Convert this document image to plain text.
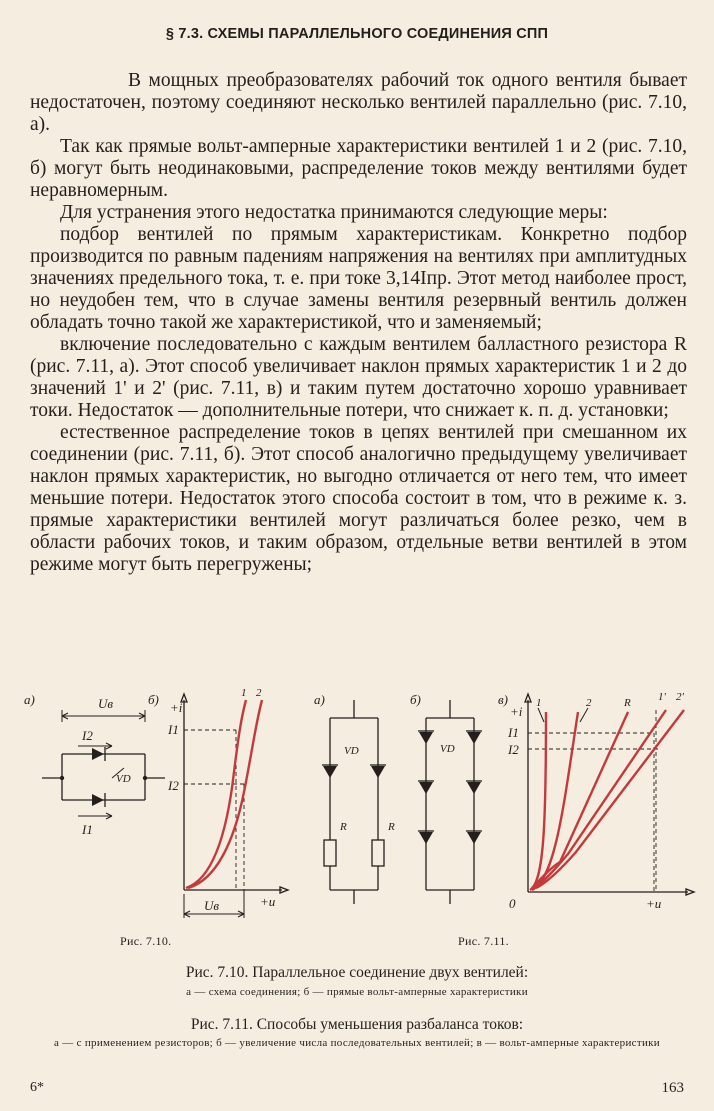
§ 7.3. СХЕМЫ ПАРАЛЛЕЛЬНОГО СОЕДИНЕНИЯ СПП

В мощных преобразователях рабочий ток одного вентиля бывает недостаточен, поэтому соединяют несколько вентилей параллельно (рис. 7.10, а).

Так как прямые вольт-амперные характеристики вентилей 1 и 2 (рис. 7.10, б) могут быть неодинаковыми, распределение токов между вентилями будет неравномерным.

Для устранения этого недостатка принимаются следующие меры:

подбор вентилей по прямым характеристикам. Конкретно подбор производится по равным падениям напряжения на вентилях при амплитудных значениях предельного тока, т. е. при токе 3,14Iпр. Этот метод наиболее прост, но неудобен тем, что в случае замены вентиля резервный вентиль должен обладать точно такой же характеристикой, что и заменяемый;

включение последовательно с каждым вентилем балластного резистора R (рис. 7.11, а). Этот способ увеличивает наклон прямых характеристик 1 и 2 до значений 1' и 2' (рис. 7.11, в) и таким путем достаточно хорошо уравнивает токи. Недостаток — дополнительные потери, что снижает к. п. д. установки;

естественное распределение токов в цепях вентилей при смешанном их соединении (рис. 7.11, б). Этот способ аналогично предыдущему увеличивает наклон прямых характеристик, но выгодно отличается от него тем, что имеет меньшие потери. Недостаток этого способа состоит в том, что в режиме к. з. прямые характеристики вентилей могут различаться более резко, чем в области рабочих токов, и таким образом, отдельные ветви вентилей в этом режиме могут быть перегружены;

а)	Uв
I2
VD
I1
б)
+i
+u
I1
I2
Uв
1 2	а)
VD
R	R
б)
VD
в)
+i
0	+u
I1
I2
1	2	R 1' 2'
Рис. 7.10.	Рис. 7.11.
Рис. 7.10. Параллельное соединение двух вентилей:
а — схема соединения; б — прямые вольт-амперные характеристики
Рис. 7.11. Способы уменьшения разбаланса токов:
а — с применением резисторов; б — увеличение числа последовательных вентилей; в — вольт-амперные характеристики
6*	163
